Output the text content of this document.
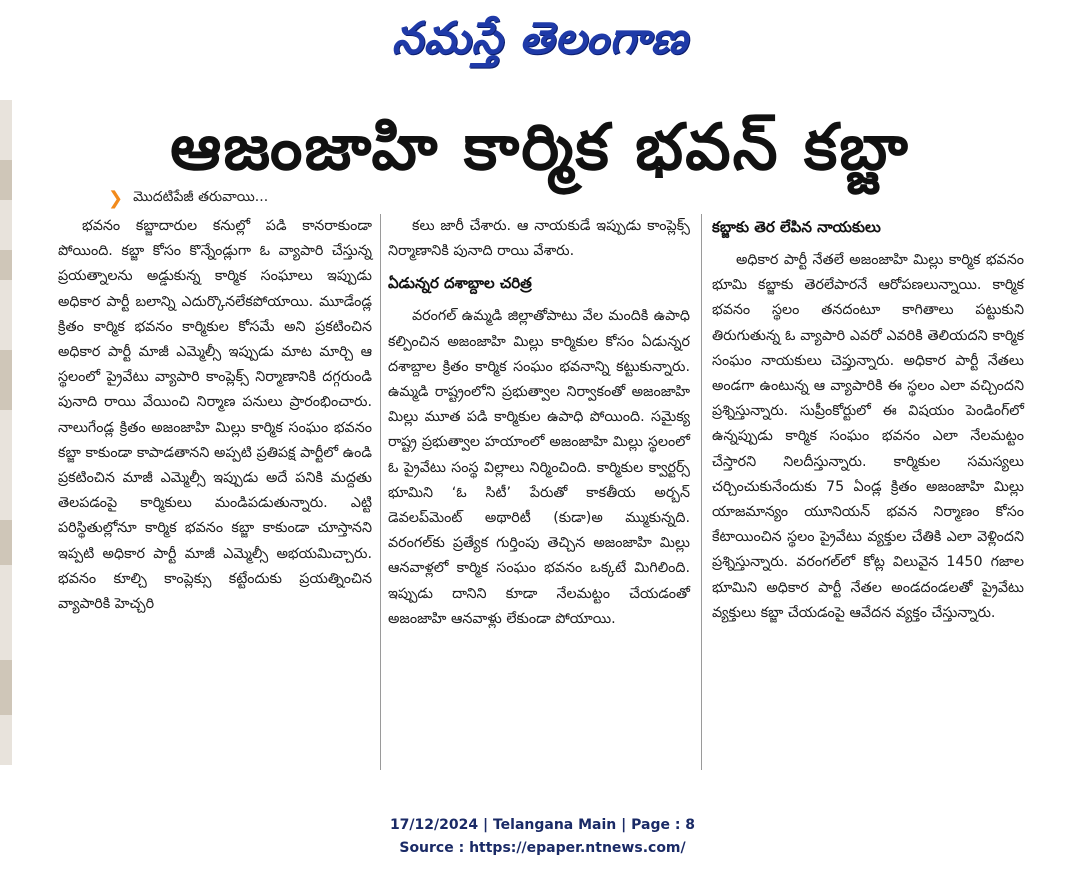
నమస్తే తెలంగాణ
ఆజంజాహి కార్మిక భవన్ కబ్జా
❯ మొదటిపేజీ తరువాయి...

భవనం కబ్జాదారుల కనుల్లో పడి కానరాకుండా పోయింది. కబ్జా కోసం కొన్నేండ్లుగా ఓ వ్యాపారి చేస్తున్న ప్రయత్నాలను అడ్డుకున్న కార్మిక సంఘాలు ఇప్పుడు అధికార పార్టీ బలాన్ని ఎదుర్కొనలేకపోయాయి. మూడేండ్ల క్రితం కార్మిక భవనం కార్మికుల కోసమే అని ప్రకటించిన అధికార పార్టీ మాజీ ఎమ్మెల్సీ ఇప్పుడు మాట మార్చి ఆ స్థలంలో ప్రైవేటు వ్యాపారి కాంప్లెక్స్ నిర్మాణానికి దగ్గరుండి పునాది రాయి వేయించి నిర్మాణ పనులు ప్రారంభించారు. నాలుగేండ్ల క్రితం అజంజాహి మిల్లు కార్మిక సంఘం భవనం కబ్జా కాకుండా కాపాడతానని అప్పటి ప్రతిపక్ష పార్టీలో ఉండి ప్రకటించిన మాజీ ఎమ్మెల్సీ ఇప్పుడు అదే పనికి మద్దతు తెలపడంపై కార్మికులు మండిపడుతున్నారు. ఎట్టి పరిస్థితుల్లోనూ కార్మిక భవనం కబ్జా కాకుండా చూస్తానని ఇప్పటి అధికార పార్టీ మాజీ ఎమ్మెల్సీ అభయమిచ్చారు. భవనం కూల్చి కాంప్లెక్సు కట్టేందుకు ప్రయత్నించిన వ్యాపారికి హెచ్చరి

కలు జారీ చేశారు. ఆ నాయకుడే ఇప్పుడు కాంప్లెక్స్ నిర్మాణానికి పునాది రాయి వేశారు.

ఏడున్నర దశాబ్దాల చరిత్ర

వరంగల్ ఉమ్మడి జిల్లాతోపాటు వేల మందికి ఉపాధి కల్పించిన అజంజాహి మిల్లు కార్మికుల కోసం ఏడున్నర దశాబ్దాల క్రితం కార్మిక సంఘం భవనాన్ని కట్టుకున్నారు. ఉమ్మడి రాష్ట్రంలోని ప్రభుత్వాల నిర్వాకంతో అజంజాహి మిల్లు మూత పడి కార్మికుల ఉపాధి పోయింది. సమైక్య రాష్ట్ర ప్రభుత్వాల హయాంలో అజంజాహి మిల్లు స్థలంలో ఓ ప్రైవేటు సంస్థ విల్లాలు నిర్మించింది. కార్మికుల క్వార్టర్స్ భూమిని ‘ఓ సిటీ’ పేరుతో కాకతీయ అర్బన్ డెవలప్‌మెంట్ అథారిటీ (కుడా)అ మ్ముకున్నది. వరంగల్‌కు ప్రత్యేక గుర్తింపు తెచ్చిన అజంజాహి మిల్లు ఆనవాళ్లలో కార్మిక సంఘం భవనం ఒక్కటే మిగిలింది. ఇప్పుడు దానిని కూడా నేలమట్టం చేయడంతో అజంజాహి ఆనవాళ్లు లేకుండా పోయాయి.

కబ్జాకు తెర లేపిన నాయకులు

అధికార పార్టీ నేతలే అజంజాహి మిల్లు కార్మిక భవనం భూమి కబ్జాకు తెరలేపారనే ఆరోపణలున్నాయి. కార్మిక భవనం స్థలం తనదంటూ కాగితాలు పట్టుకుని తిరుగుతున్న ఓ వ్యాపారి ఎవరో ఎవరికి తెలియదని కార్మిక సంఘం నాయకులు చెప్తున్నారు. అధికార పార్టీ నేతలు అండగా ఉంటున్న ఆ వ్యాపారికి ఈ స్థలం ఎలా వచ్చిందని ప్రశ్నిస్తున్నారు. సుప్రీంకోర్టులో ఈ విషయం పెండింగ్‌లో ఉన్నప్పుడు కార్మిక సంఘం భవనం ఎలా నేలమట్టం చేస్తారని నిలదీస్తున్నారు. కార్మికుల సమస్యలు చర్చించుకునేందుకు 75 ఏండ్ల క్రితం అజంజాహి మిల్లు యాజమాన్యం యూనియన్ భవన నిర్మాణం కోసం కేటాయించిన స్థలం ప్రైవేటు వ్యక్తుల చేతికి ఎలా వెళ్లిందని ప్రశ్నిస్తున్నారు. వరంగల్‌లో కోట్ల విలువైన 1450 గజాల భూమిని అధికార పార్టీ నేతల అండదండలతో ప్రైవేటు వ్యక్తులు కబ్జా చేయడంపై ఆవేదన వ్యక్తం చేస్తున్నారు.

17/12/2024 | Telangana Main | Page : 8
Source : https://epaper.ntnews.com/
